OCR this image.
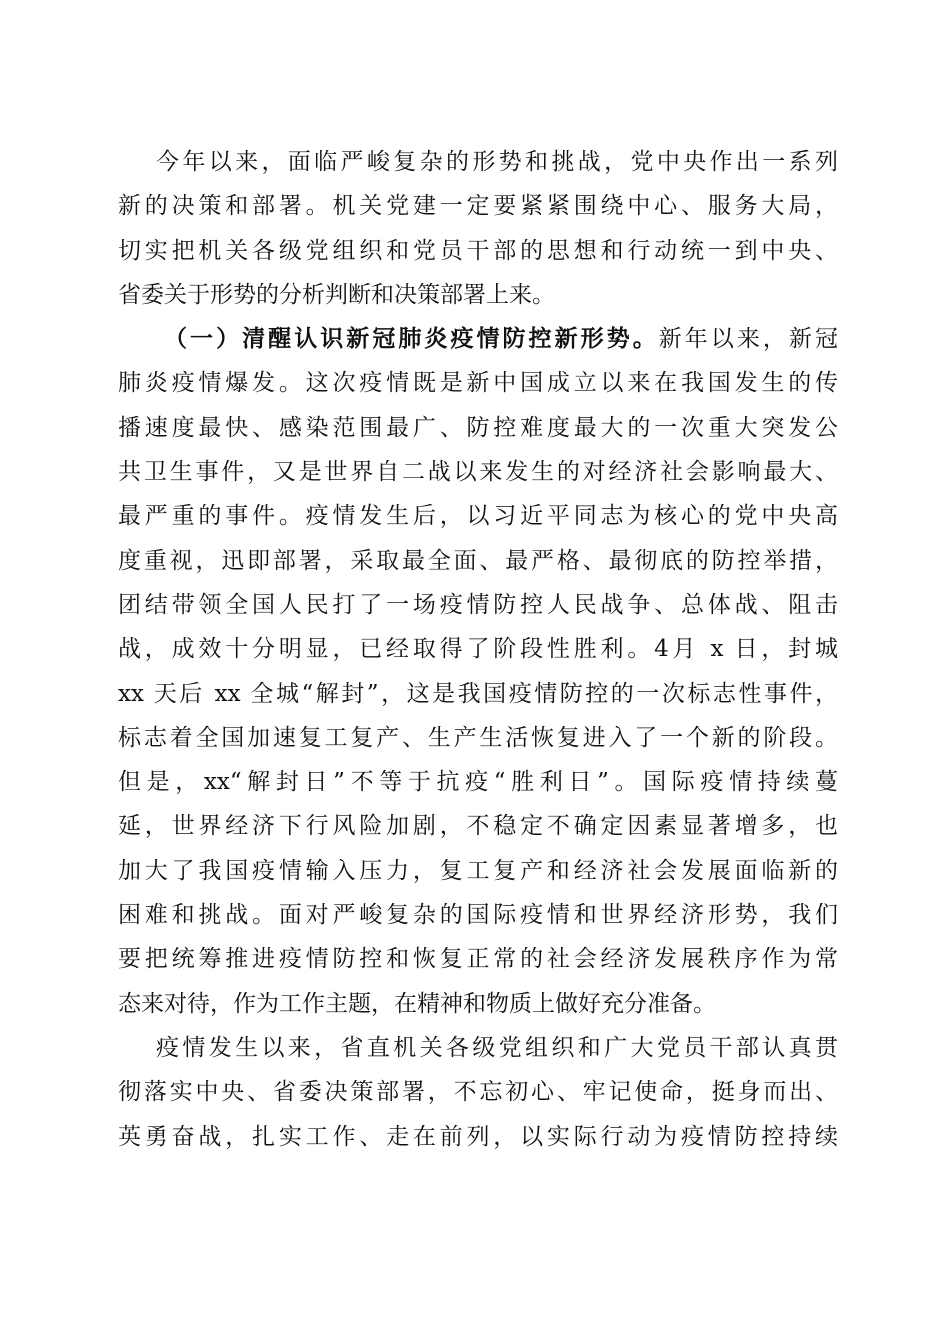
今年以来，面临严峻复杂的形势和挑战，党中央作出一系列
新的决策和部署。机关党建一定要紧紧围绕中心、服务大局，
切实把机关各级党组织和党员干部的思想和行动统一到中央、
省委关于形势的分析判断和决策部署上来。
（一）清醒认识新冠肺炎疫情防控新形势。新年以来，新冠
肺炎疫情爆发。这次疫情既是新中国成立以来在我国发生的传
播速度最快、感染范围最广、防控难度最大的一次重大突发公
共卫生事件，又是世界自二战以来发生的对经济社会影响最大、
最严重的事件。疫情发生后，以习近平同志为核心的党中央高
度重视，迅即部署，采取最全面、最严格、最彻底的防控举措，
团结带领全国人民打了一场疫情防控人民战争、总体战、阻击
战，成效十分明显，已经取得了阶段性胜利。4月 x 日，封城
xx 天后 xx 全城“解封”，这是我国疫情防控的一次标志性事件，
标志着全国加速复工复产、生产生活恢复进入了一个新的阶段。
但是，xx“解封日”不等于抗疫“胜利日”。国际疫情持续蔓
延，世界经济下行风险加剧，不稳定不确定因素显著增多，也
加大了我国疫情输入压力，复工复产和经济社会发展面临新的
困难和挑战。面对严峻复杂的国际疫情和世界经济形势，我们
要把统筹推进疫情防控和恢复正常的社会经济发展秩序作为常
态来对待，作为工作主题，在精神和物质上做好充分准备。
疫情发生以来，省直机关各级党组织和广大党员干部认真贯
彻落实中央、省委决策部署，不忘初心、牢记使命，挺身而出、
英勇奋战，扎实工作、走在前列，以实际行动为疫情防控持续
